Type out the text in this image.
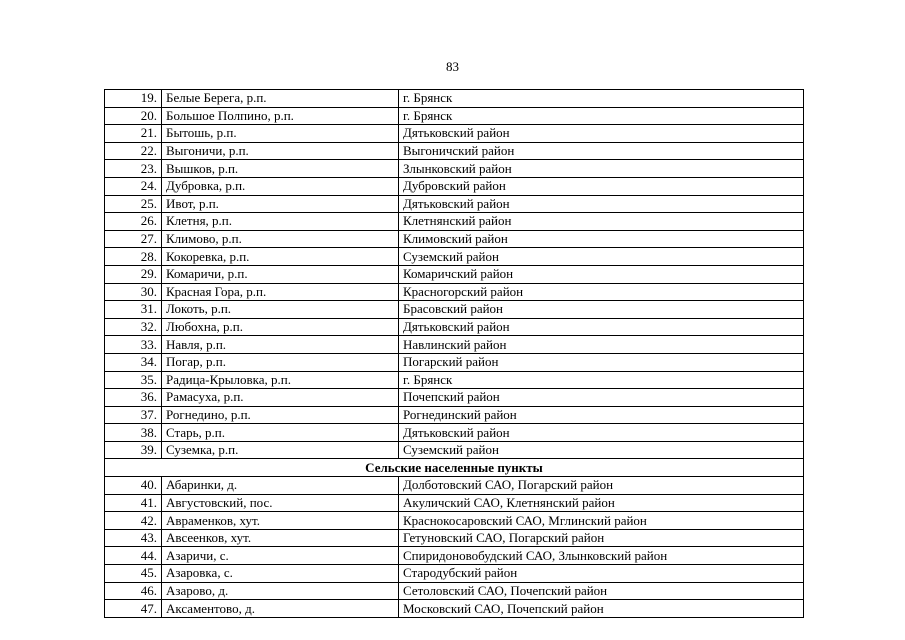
83
19.	Белые Берега, р.п.	г. Брянск
20.	Большое Полпино, р.п.	г. Брянск
21.	Бытошь, р.п.	Дятьковский район
22.	Выгоничи, р.п.	Выгоничский район
23.	Вышков, р.п.	Злынковский район
24.	Дубровка, р.п.	Дубровский район
25.	Ивот, р.п.	Дятьковский район
26.	Клетня, р.п.	Клетнянский район
27.	Климово, р.п.	Климовский район
28.	Кокоревка, р.п.	Суземский район
29.	Комаричи, р.п.	Комаричский район
30.	Красная Гора, р.п.	Красногорский район
31.	Локоть, р.п.	Брасовский район
32.	Любохна, р.п.	Дятьковский район
33.	Навля, р.п.	Навлинский район
34.	Погар, р.п.	Погарский район
35.	Радица-Крыловка, р.п.	г. Брянск
36.	Рамасуха, р.п.	Почепский район
37.	Рогнедино, р.п.	Рогнединский район
38.	Старь, р.п.	Дятьковский район
39.	Суземка, р.п.	Суземский район
Сельские населенные пункты		
40.	Абаринки, д.	Долботовский САО, Погарский район
41.	Августовский, пос.	Акуличский САО, Клетнянский район
42.	Авраменков, хут.	Краснокосаровский САО, Мглинский район
43.	Авсеенков, хут.	Гетуновский САО, Погарский район
44.	Азаричи, с.	Спиридоновобудский САО, Злынковский район
45.	Азаровка, с.	Стародубский район
46.	Азарово, д.	Сетоловский САО, Почепский район
47.	Аксаментово, д.	Московский САО, Почепский район
